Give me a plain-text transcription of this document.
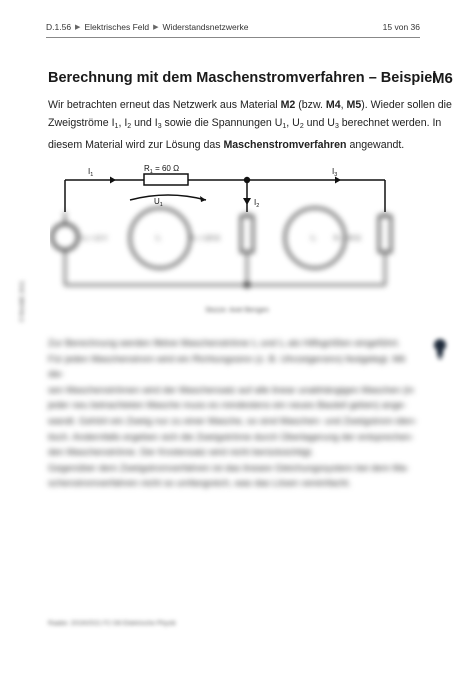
D.1.56 ▶ Elektrisches Feld ▶ Widerstandsnetzwerke	15 von 36
Berechnung mit dem Maschenstromverfahren – Beispiel
M6
Wir betrachten erneut das Netzwerk aus Material M2 (bzw. M4, M5). Wieder sollen die
Zweigströme $I_1$, $I_2$ und $I_3$ sowie die Spannungen $U_1$, $U_2$ und $U_3$ berechnet werden. In
diesem Material wird zur Lösung das Maschenstromverfahren angewandt.
$I_1$
$R_1 = 60$ Ω	$I_3$
$U_1$	$I_2$
U₀ = 12 V	R₂ = 120 Ω	R₃ = 40 Ω
I₁	I₂
Skizze: Axel Bengen
© RAABE 2021

Zur Berechnung werden fiktive Maschenströme I₁ und I₂ als Hilfsgrößen eingeführt.

Für jeden Maschenstrom wird ein Richtungssinn (z. B. Uhrzeigersinn) festgelegt. Mit die-

sen Maschenströmen wird der Maschensatz auf alle linear unabhängigen Maschen (in

jeder neu betrachteten Masche muss es mindestens ein neues Bauteil geben) ange-

wandt. Gehört ein Zweig nur zu einer Masche, so sind Maschen- und Zweigstrom iden-

tisch. Andernfalls ergeben sich die Zweigströme durch Überlagerung der entsprechen-

den Maschenströme. Der Knotensatz wird nicht berücksichtigt.

Gegenüber dem Zweigstromverfahren ist das lineare Gleichungssystem bei dem Ma-

schenstromverfahren nicht so umfangreich, was das Lösen vereinfacht.

Raabe: 2019/2021 F2 G6 Elektrische Physik
